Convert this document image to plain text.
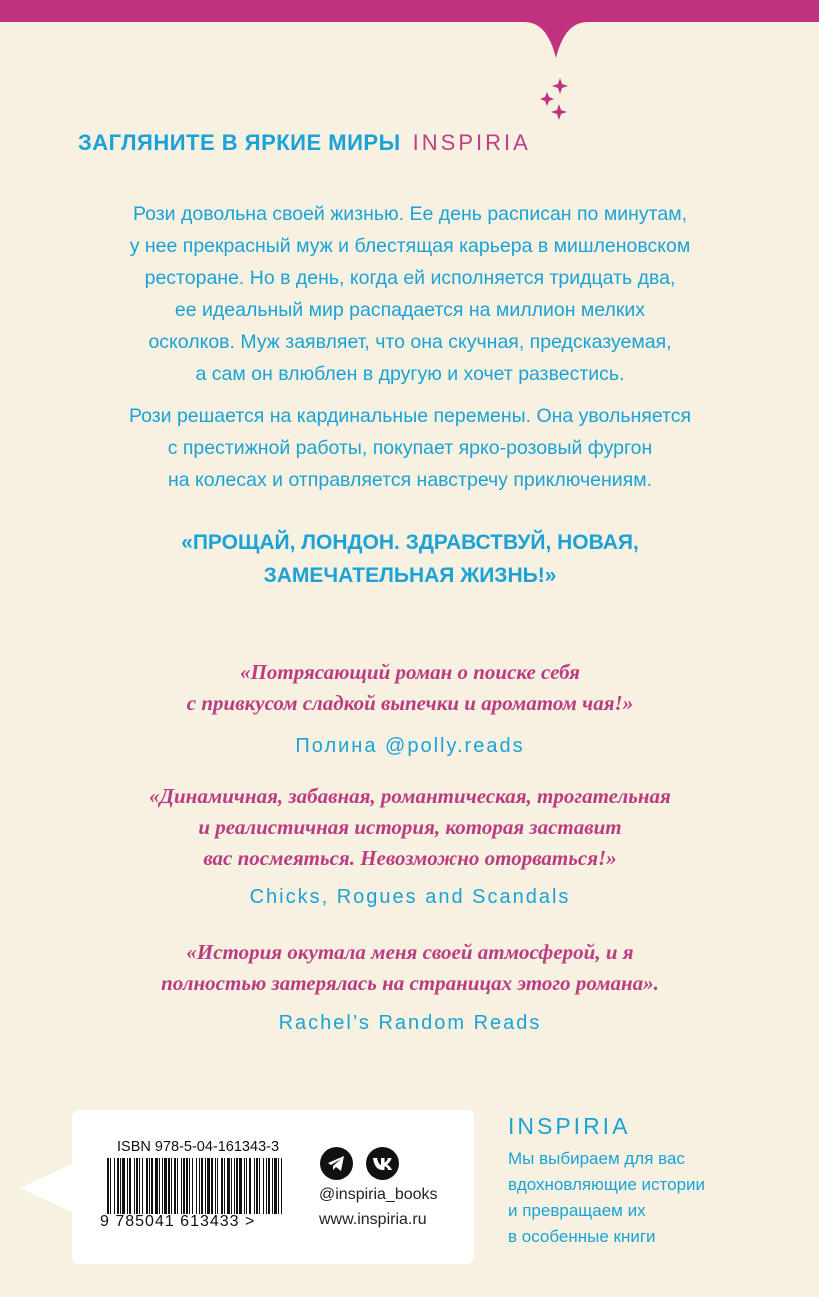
ЗАГЛЯНИТЕ В ЯРКИЕ МИРЫ INSPIRIA
Рози довольна своей жизнью. Ее день расписан по минутам,
у нее прекрасный муж и блестящая карьера в мишленовском
ресторане. Но в день, когда ей исполняется тридцать два,
ее идеальный мир распадается на миллион мелких
осколков. Муж заявляет, что она скучная, предсказуемая,
а сам он влюблен в другую и хочет развестись.
Рози решается на кардинальные перемены. Она увольняется
с престижной работы, покупает ярко-розовый фургон
на колесах и отправляется навстречу приключениям.
«ПРОЩАЙ, ЛОНДОН. ЗДРАВСТВУЙ, НОВАЯ,
ЗАМЕЧАТЕЛЬНАЯ ЖИЗНЬ!»
«Потрясающий роман о поиске себя
с привкусом сладкой выпечки и ароматом чая!»
Полина @polly.reads
«Динамичная, забавная, романтическая, трогательная
и реалистичная история, которая заставит
вас посмеяться. Невозможно оторваться!»
Chicks, Rogues and Scandals
«История окутала меня своей атмосферой, и я
полностью затерялась на страницах этого романа».
Rachel’s Random Reads
ISBN 978-5-04-161343-3
9 785041 613433 >
@inspiria_books
www.inspiria.ru
INSPIRIA
Мы выбираем для вас
вдохновляющие истории
и превращаем их
в особенные книги
